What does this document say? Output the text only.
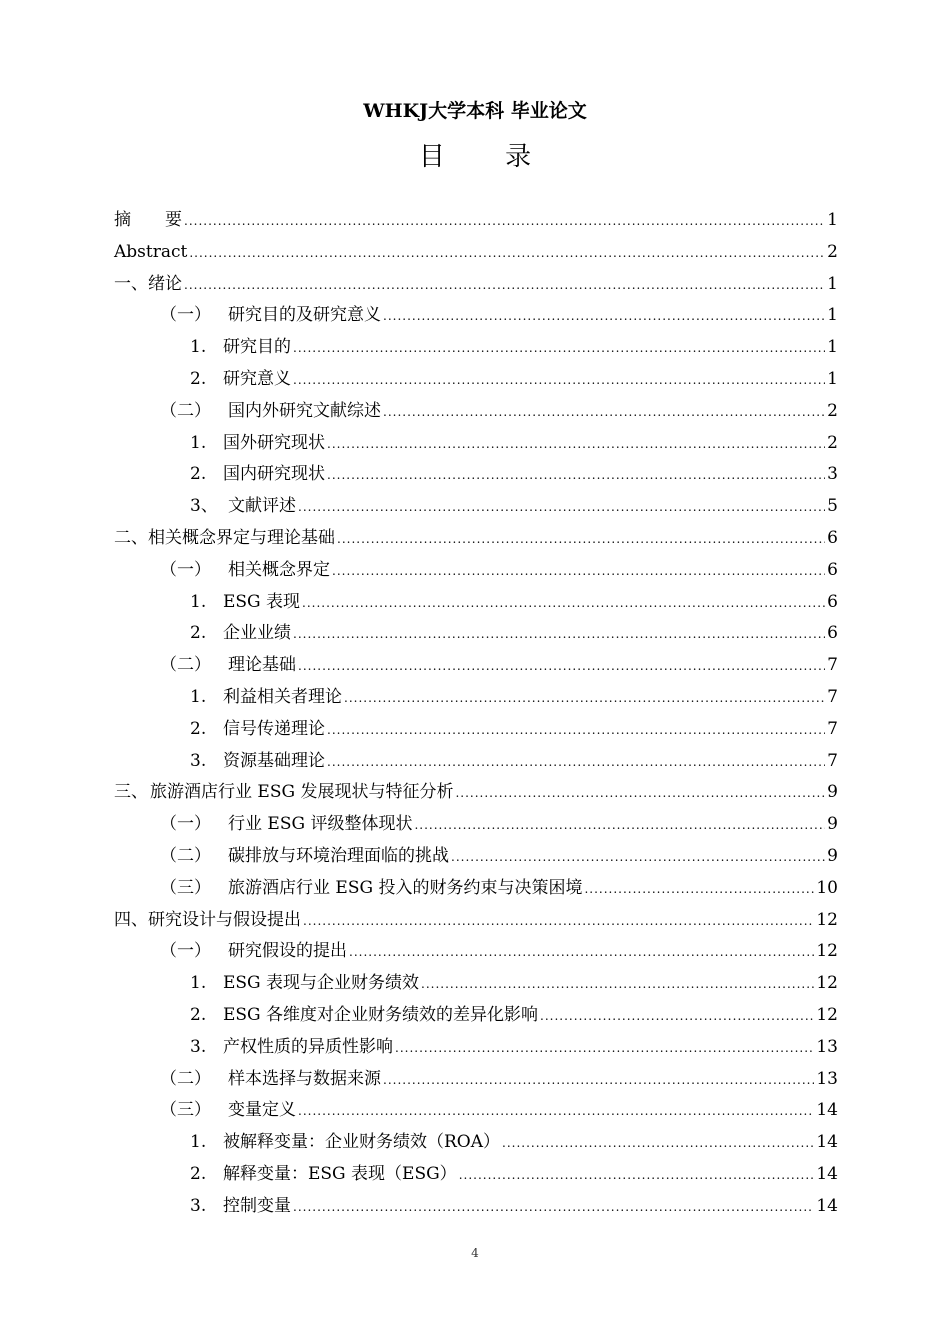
WHKJ大学本科 毕业论文
目 录
摘　　要 .....	1
Abstract .....	2
一、绪论 .....	1
（一）	研究目的及研究意义 .....	1
1. 研究目的 .....	1
2. 研究意义 .....	1
（二）	国内外研究文献综述 .....	2
1. 国外研究现状 .....	2
2. 国内研究现状 .....	3
3、 文献评述 .....	5
二、相关概念界定与理论基础 .....	6
（一）	相关概念界定 .....	6
1. ESG 表现 .....	6
2. 企业业绩 .....	6
（二）	理论基础 .....	7
1. 利益相关者理论 .....	7
2. 信号传递理论 .....	7
3. 资源基础理论 .....	7
三、 旅游酒店行业 ESG 发展现状与特征分析 .....	9
（一）	行业 ESG 评级整体现状 .....	9
（二）	碳排放与环境治理面临的挑战 .....	9
（三）	旅游酒店行业 ESG 投入的财务约束与决策困境 .....	10
四、研究设计与假设提出 .....	12
（一）	研究假设的提出 .....	12
1. ESG 表现与企业财务绩效 .....	12
2. ESG 各维度对企业财务绩效的差异化影响 .....	12
3. 产权性质的异质性影响 .....	13
（二）	样本选择与数据来源 .....	13
（三）	变量定义 .....	14
1. 被解释变量：企业财务绩效（ROA） .....	14
2. 解释变量：ESG 表现（ESG） .....	14
3. 控制变量 .....	14
4
